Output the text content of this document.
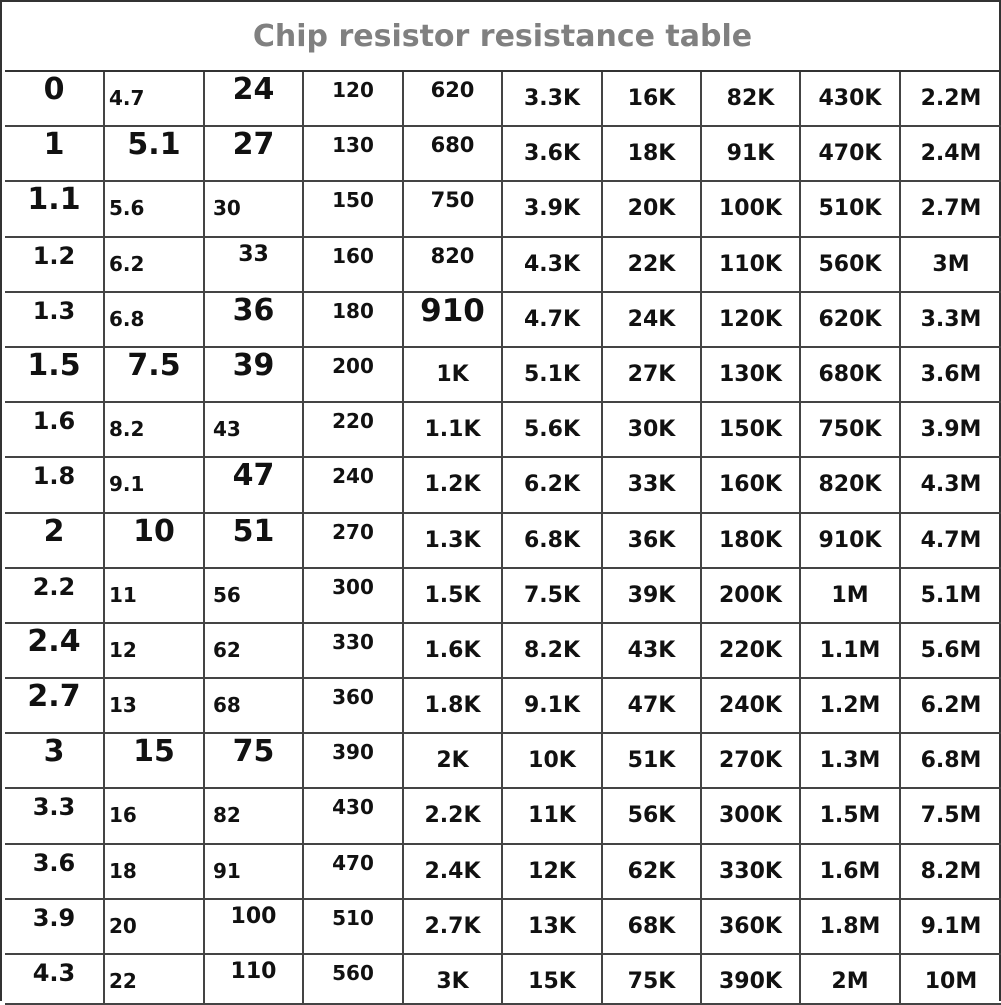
Chip resistor resistance table
0	4.7	24	120	620	3.3K	16K	82K	430K	2.2M
1	5.1	27	130	680	3.6K	18K	91K	470K	2.4M
1.1	5.6	30	150	750	3.9K	20K	100K	510K	2.7M
1.2	6.2	33	160	820	4.3K	22K	110K	560K	3M
1.3	6.8	36	180	910	4.7K	24K	120K	620K	3.3M
1.5	7.5	39	200	1K	5.1K	27K	130K	680K	3.6M
1.6	8.2	43	220	1.1K	5.6K	30K	150K	750K	3.9M
1.8	9.1	47	240	1.2K	6.2K	33K	160K	820K	4.3M
2	10	51	270	1.3K	6.8K	36K	180K	910K	4.7M
2.2	11	56	300	1.5K	7.5K	39K	200K	1M	5.1M
2.4	12	62	330	1.6K	8.2K	43K	220K	1.1M	5.6M
2.7	13	68	360	1.8K	9.1K	47K	240K	1.2M	6.2M
3	15	75	390	2K	10K	51K	270K	1.3M	6.8M
3.3	16	82	430	2.2K	11K	56K	300K	1.5M	7.5M
3.6	18	91	470	2.4K	12K	62K	330K	1.6M	8.2M
3.9	20	100	510	2.7K	13K	68K	360K	1.8M	9.1M
4.3	22	110	560	3K	15K	75K	390K	2M	10M
